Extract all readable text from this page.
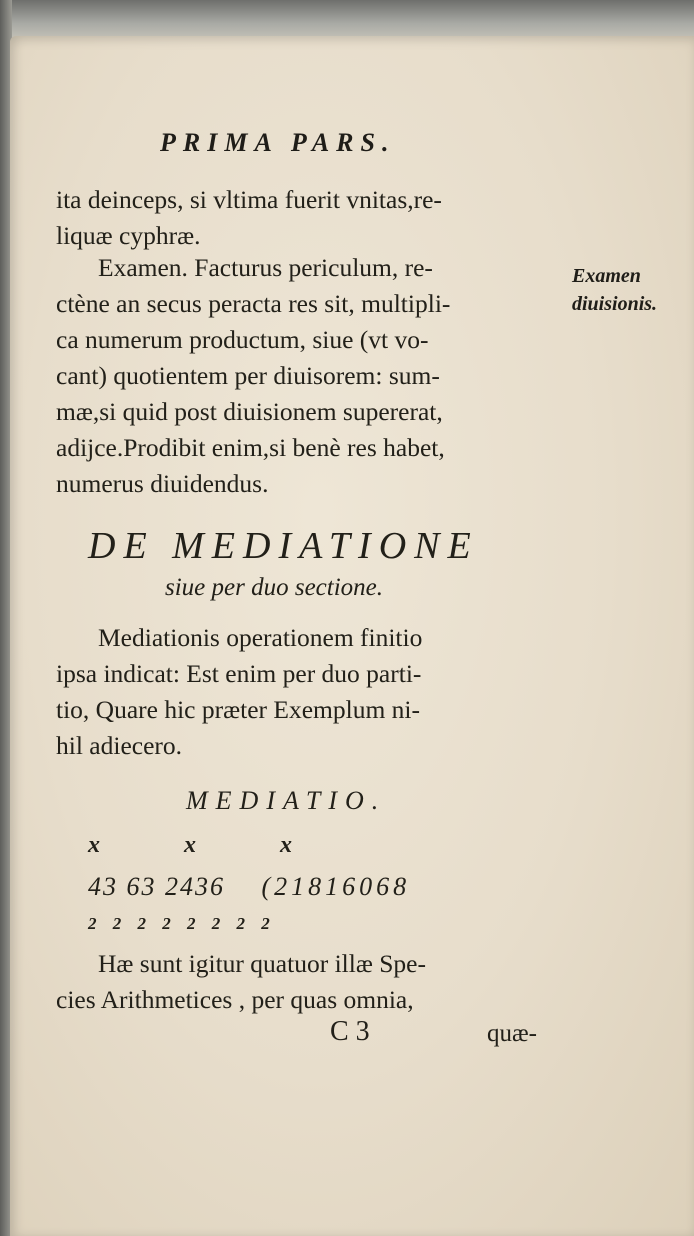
PRIMA PARS.

ita deinceps, si vltima fuerit vnitas,re-
liquæ cyphræ.

Examen. Facturus periculum, re-
ctène an secus peracta res sit, multipli-
ca numerum productum, siue (vt vo-
cant) quotientem per diuisorem: sum-
mæ,si quid post diuisionem supererat,
adijce.Prodibit enim,si benè res habet,
numerus diuidendus.

Examen
diuisionis.
DE MEDIATIONE
siue per duo sectione.

Mediationis operationem finitio
ipsa indicat: Est enim per duo parti-
tio, Quare hic præter Exemplum ni-
hil adiecero.

MEDIATIO.
x	x	x
43 63 2436 (21816068
2 2 2 2 2 2 2 2

Hæ sunt igitur quatuor illæ Spe-
cies Arithmetices , per quas omnia,

C 3	quæ-
